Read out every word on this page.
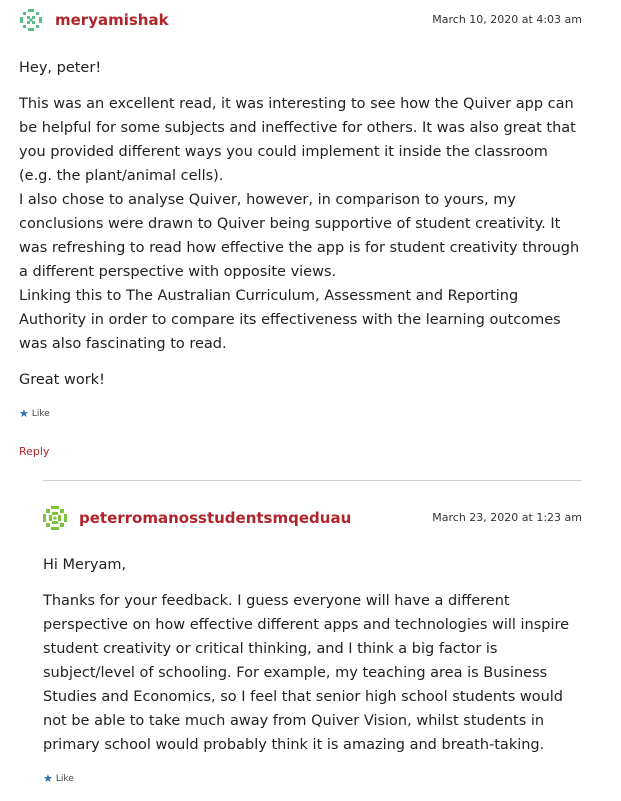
meryamishak	March 10, 2020 at 4:03 am

Hey, peter!

This was an excellent read, it was interesting to see how the Quiver app can be helpful for some subjects and ineffective for others. It was also great that you provided different ways you could implement it inside the classroom (e.g. the plant/animal cells).

I also chose to analyse Quiver, however, in comparison to yours, my conclusions were drawn to Quiver being supportive of student creativity. It was refreshing to read how effective the app is for student creativity through a different perspective with opposite views.

Linking this to The Australian Curriculum, Assessment and Reporting Authority in order to compare its effectiveness with the learning outcomes was also fascinating to read.

Great work!

★ Like
Reply
peterromanosstudentsmqeduau	March 23, 2020 at 1:23 am

Hi Meryam,

Thanks for your feedback. I guess everyone will have a different perspective on how effective different apps and technologies will inspire student creativity or critical thinking, and I think a big factor is subject/level of schooling. For example, my teaching area is Business Studies and Economics, so I feel that senior high school students would not be able to take much away from Quiver Vision, whilst students in primary school would probably think it is amazing and breath-taking.

★ Like
